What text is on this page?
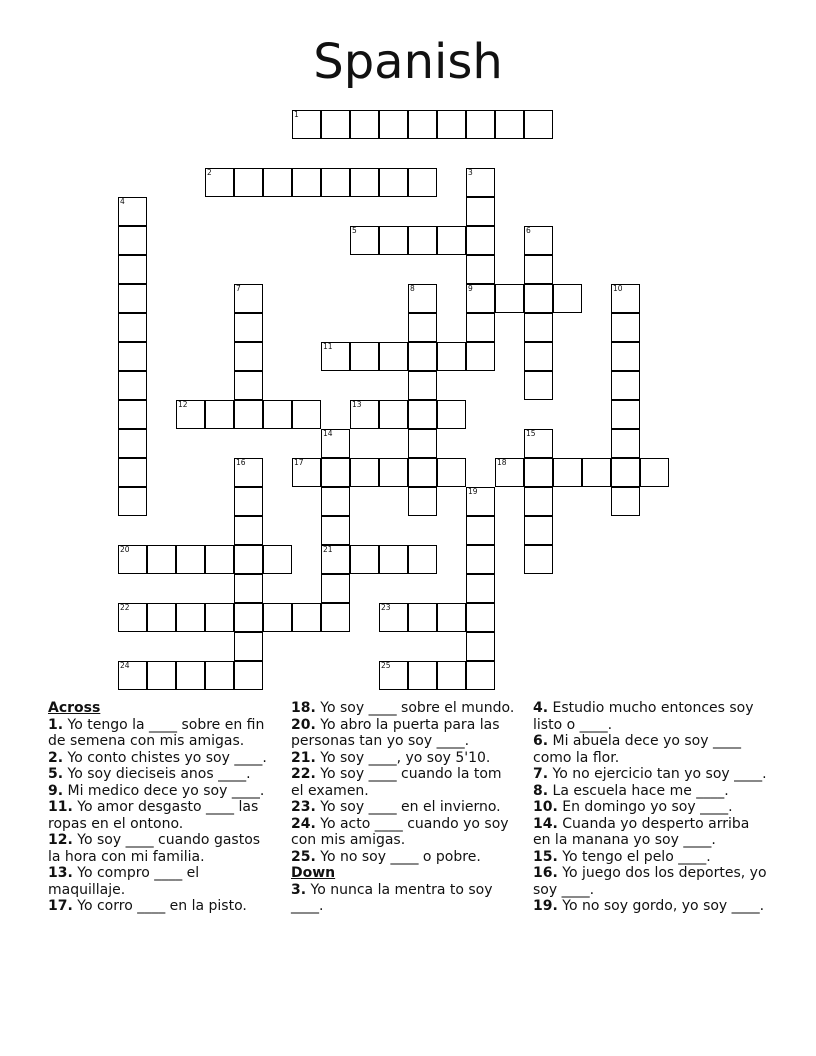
Spanish
1
2	3
9
4
5	6
7	8	10
11
12	13
14
21
15
16	17	18
19
20
22	23
24	25
Across
1. Yo tengo la ____ sobre en fin de semena con mis amigas.
2. Yo conto chistes yo soy ____.
5. Yo soy dieciseis anos ____.
9. Mi medico dece yo soy ____.
11. Yo amor desgasto ____ las ropas en el ontono.
12. Yo soy ____ cuando gastos la hora con mi familia.
13. Yo compro ____ el maquillaje.
17. Yo corro ____ en la pisto.
18. Yo soy ____ sobre el mundo.
20. Yo abro la puerta para las personas tan yo soy ____.
21. Yo soy ____, yo soy 5'10.
22. Yo soy ____ cuando la tom el examen.
23. Yo soy ____ en el invierno.
24. Yo acto ____ cuando yo soy con mis amigas.
25. Yo no soy ____ o pobre.
Down
3. Yo nunca la mentra to soy ____.
4. Estudio mucho entonces soy listo o ____.
6. Mi abuela dece yo soy ____ como la flor.
7. Yo no ejercicio tan yo soy ____.
8. La escuela hace me ____.
10. En domingo yo soy ____.
14. Cuanda yo desperto arriba en la manana yo soy ____.
15. Yo tengo el pelo ____.
16. Yo juego dos los deportes, yo soy ____.
19. Yo no soy gordo, yo soy ____.
